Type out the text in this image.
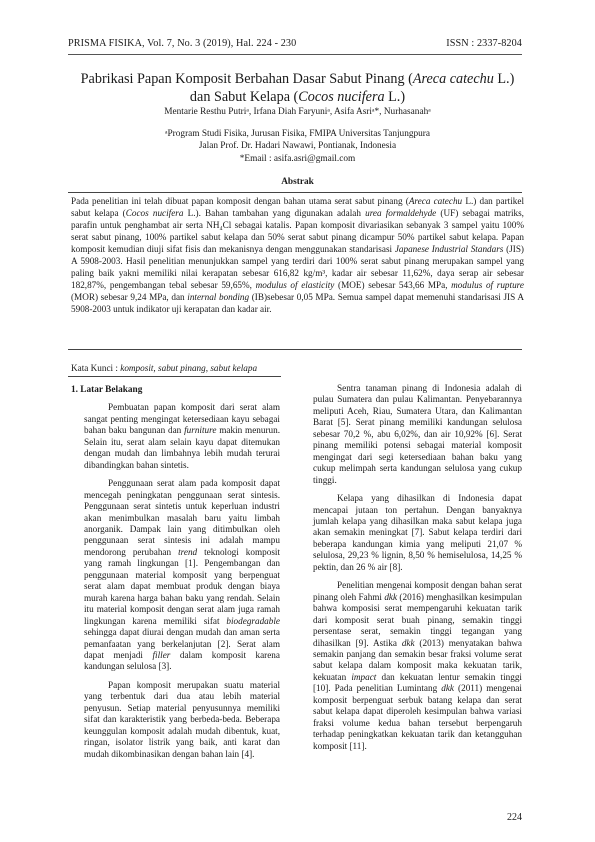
PRISMA FISIKA, Vol. 7, No. 3 (2019), Hal. 224 - 230	ISSN : 2337-8204
Pabrikasi Papan Komposit Berbahan Dasar Sabut Pinang (Areca catechu L.)
dan Sabut Kelapa (Cocos nucifera L.)
Mentarie Resthu Putriᵃ, Irfana Diah Faryuniᵃ, Asifa Asriᵃ*, Nurhasanahᵃ
ᵃProgram Studi Fisika, Jurusan Fisika, FMIPA Universitas Tanjungpura
Jalan Prof. Dr. Hadari Nawawi, Pontianak, Indonesia
*Email : asifa.asri@gmail.com
Abstrak
Pada penelitian ini telah dibuat papan komposit dengan bahan utama serat sabut pinang (Areca catechu L.) dan partikel sabut kelapa (Cocos nucifera L.). Bahan tambahan yang digunakan adalah urea formaldehyde (UF) sebagai matriks, parafin untuk penghambat air serta NH₄Cl sebagai katalis. Papan komposit divariasikan sebanyak 3 sampel yaitu 100% serat sabut pinang, 100% partikel sabut kelapa dan 50% serat sabut pinang dicampur 50% partikel sabut kelapa. Papan komposit kemudian diuji sifat fisis dan mekanisnya dengan menggunakan standarisasi Japanese Industrial Standars (JIS) A 5908-2003. Hasil penelitian menunjukkan sampel yang terdiri dari 100% serat sabut pinang merupakan sampel yang paling baik yakni memiliki nilai kerapatan sebesar 616,82 kg/m³, kadar air sebesar 11,62%, daya serap air sebesar 182,87%, pengembangan tebal sebesar 59,65%, modulus of elasticity (MOE) sebesar 543,66 MPa, modulus of rupture (MOR) sebesar 9,24 MPa, dan internal bonding (IB)sebesar 0,05 MPa. Semua sampel dapat memenuhi standarisasi JIS A 5908-2003 untuk indikator uji kerapatan dan kadar air.
Kata Kunci : komposit, sabut pinang, sabut kelapa
1. Latar Belakang

Pembuatan papan komposit dari serat alam sangat penting mengingat ketersediaan kayu sebagai bahan baku bangunan dan furniture makin menurun. Selain itu, serat alam selain kayu dapat ditemukan dengan mudah dan limbahnya lebih mudah terurai dibandingkan bahan sintetis.

Penggunaan serat alam pada komposit dapat mencegah peningkatan penggunaan serat sintesis. Penggunaan serat sintetis untuk keperluan industri akan menimbulkan masalah baru yaitu limbah anorganik. Dampak lain yang ditimbulkan oleh penggunaan serat sintesis ini adalah mampu mendorong perubahan trend teknologi komposit yang ramah lingkungan [1]. Pengembangan dan penggunaan material komposit yang berpenguat serat alam dapat membuat produk dengan biaya murah karena harga bahan baku yang rendah. Selain itu material komposit dengan serat alam juga ramah lingkungan karena memiliki sifat biodegradable sehingga dapat diurai dengan mudah dan aman serta pemanfaatan yang berkelanjutan [2]. Serat alam dapat menjadi filler dalam komposit karena kandungan selulosa [3].

Papan komposit merupakan suatu material yang terbentuk dari dua atau lebih material penyusun. Setiap material penyusunnya memiliki sifat dan karakteristik yang berbeda-beda. Beberapa keunggulan komposit adalah mudah dibentuk, kuat, ringan, isolator listrik yang baik, anti karat dan mudah dikombinasikan dengan bahan lain [4].

Sentra tanaman pinang di Indonesia adalah di pulau Sumatera dan pulau Kalimantan. Penyebarannya meliputi Aceh, Riau, Sumatera Utara, dan Kalimantan Barat [5]. Serat pinang memiliki kandungan selulosa sebesar 70,2 %, abu 6,02%, dan air 10,92% [6]. Serat pinang memiliki potensi sebagai material komposit mengingat dari segi ketersediaan bahan baku yang cukup melimpah serta kandungan selulosa yang cukup tinggi.

Kelapa yang dihasilkan di Indonesia dapat mencapai jutaan ton pertahun. Dengan banyaknya jumlah kelapa yang dihasilkan maka sabut kelapa juga akan semakin meningkat [7]. Sabut kelapa terdiri dari beberapa kandungan kimia yang meliputi 21,07 % selulosa, 29,23 % lignin, 8,50 % hemiselulosa, 14,25 % pektin, dan 26 % air [8].

Penelitian mengenai komposit dengan bahan serat pinang oleh Fahmi dkk (2016) menghasilkan kesimpulan bahwa komposisi serat mempengaruhi kekuatan tarik dari komposit serat buah pinang, semakin tinggi persentase serat, semakin tinggi tegangan yang dihasilkan [9]. Astika dkk (2013) menyatakan bahwa semakin panjang dan semakin besar fraksi volume serat sabut kelapa dalam komposit maka kekuatan tarik, kekuatan impact dan kekuatan lentur semakin tinggi [10]. Pada penelitian Lumintang dkk (2011) mengenai komposit berpenguat serbuk batang kelapa dan serat sabut kelapa dapat diperoleh kesimpulan bahwa variasi fraksi volume kedua bahan tersebut berpengaruh terhadap peningkatkan kekuatan tarik dan ketangguhan komposit [11].

224
